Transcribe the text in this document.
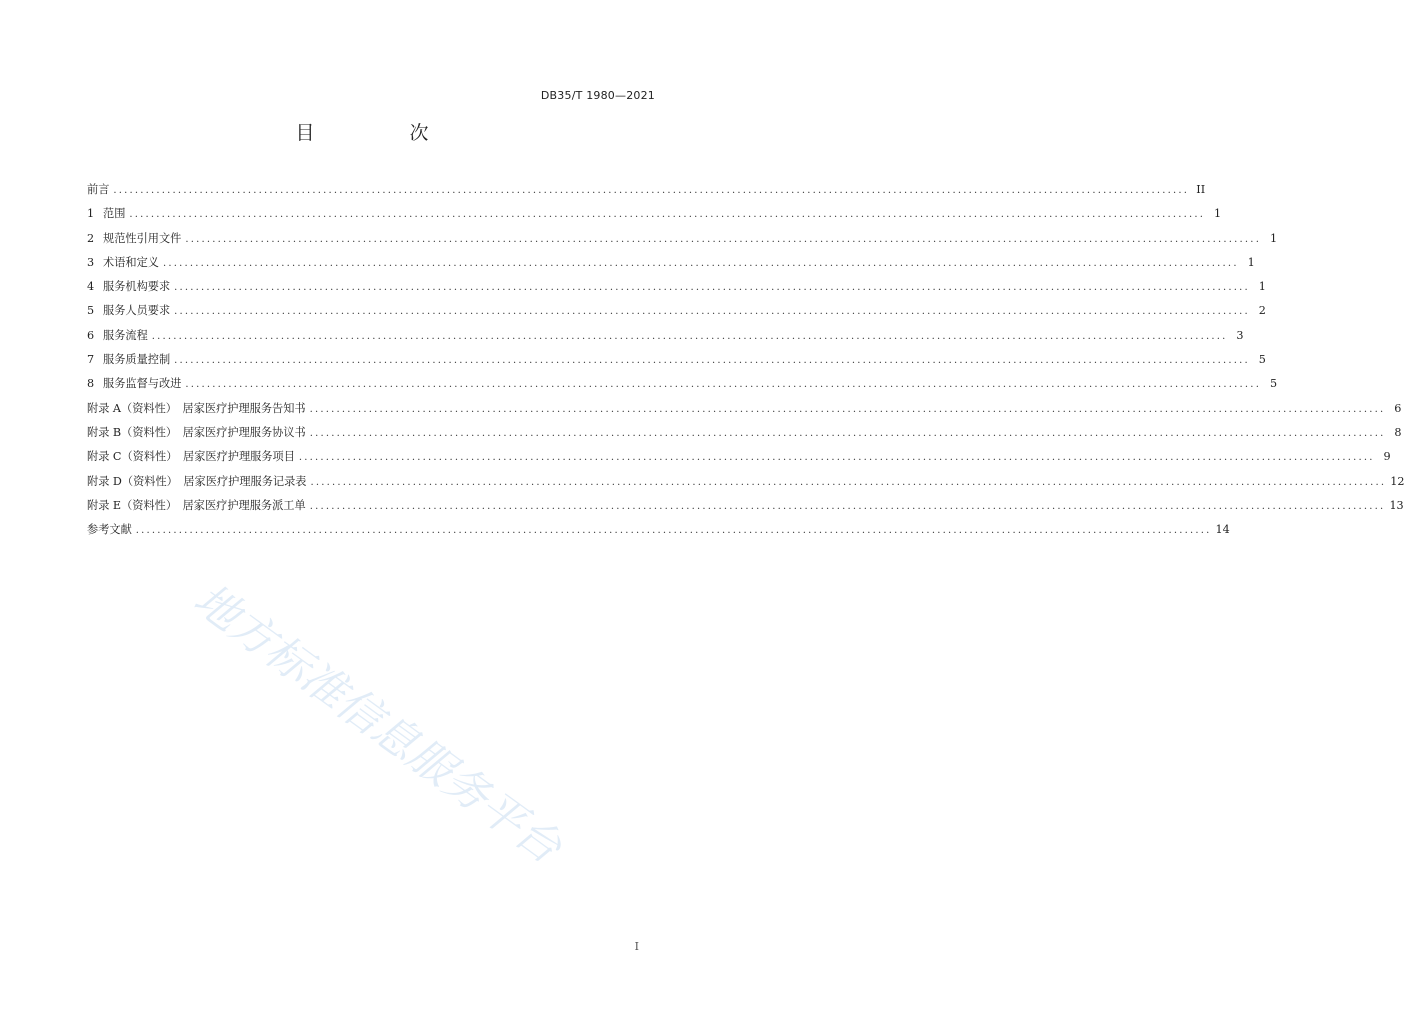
DB35/T 1980—2021
目　次
前言 ........................................................................................................................................................................................................ II
1 范围 ........................................................................................................................................................................................................ 1
2 规范性引用文件 ........................................................................................................................................................................................................ 1
3 术语和定义 ........................................................................................................................................................................................................ 1
4 服务机构要求 ........................................................................................................................................................................................................ 1
5 服务人员要求 ........................................................................................................................................................................................................ 2
6 服务流程 ........................................................................................................................................................................................................ 3
7 服务质量控制 ........................................................................................................................................................................................................ 5
8 服务监督与改进 ........................................................................................................................................................................................................ 5
附录 A（资料性）　居家医疗护理服务告知书 ........................................................................................................................................................................................................ 6
附录 B（资料性）　居家医疗护理服务协议书 ........................................................................................................................................................................................................ 8
附录 C（资料性）　居家医疗护理服务项目 ........................................................................................................................................................................................................ 9
附录 D（资料性）　居家医疗护理服务记录表 ........................................................................................................................................................................................................ 12
附录 E（资料性）　居家医疗护理服务派工单 ........................................................................................................................................................................................................ 13
参考文献 ........................................................................................................................................................................................................ 14
地方标准信息服务平台
I
